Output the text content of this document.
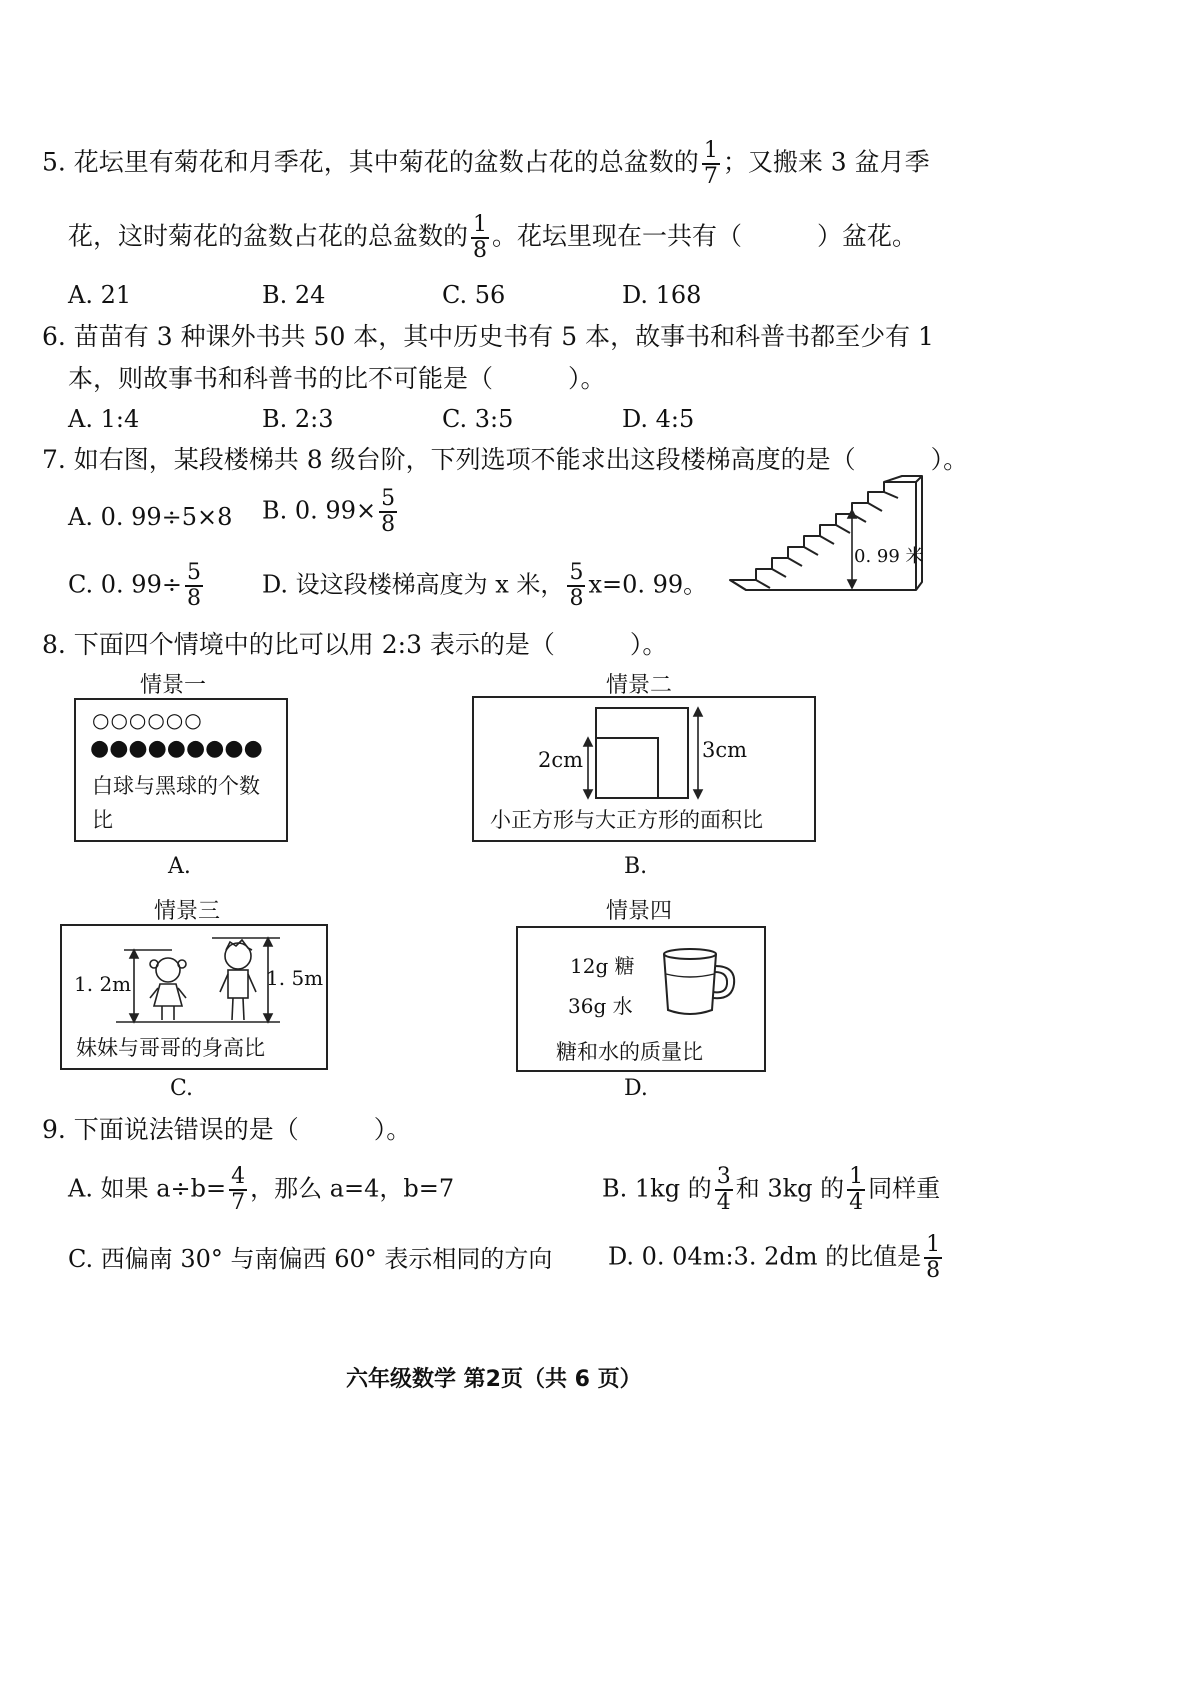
5. 花坛里有菊花和月季花，其中菊花的盆数占花的总盆数的 $\frac{1}{7}$ ；又搬来 3 盆月季
花，这时菊花的盆数占花的总盆数的 $\frac{1}{8}$ 。花坛里现在一共有（　　　）盆花。
A. 21	B. 24	C. 56	D. 168
6. 苗苗有 3 种课外书共 50 本，其中历史书有 5 本，故事书和科普书都至少有 1
本，则故事书和科普书的比不可能是（　　　）。
A. 1:4	B. 2:3	C. 3:5	D. 4:5
7. 如右图，某段楼梯共 8 级台阶，下列选项不能求出这段楼梯高度的是（　　　）。
A. 0. 99÷5×8 B. 0. $99\times \frac{5}{8}$
C. 0. $99\div \frac{5}{8} D$. 设这段楼梯高度为 x 米， $\frac{5}{8} x=0$. 99。
0. 99 米
8. 下面四个情境中的比可以用 2:3 表示的是（　　　）。
情景一
○○○○○○
●●●●●●●●●
白球与黑球的个数
比
A.
情景二
2cm	3cm
小正方形与大正方形的面积比
B.
情景三
1. 2m	1. 5m
妹妹与哥哥的身高比
C.
情景四
12g 糖
36g 水
糖和水的质量比
D.
9. 下面说法错误的是（　　　）。
A. 如果 $a\div b= \frac{4}{7}$ ，那么 a=4，b=7	B. 1kg 的 $\frac{3}{4}$ 和 3kg 的 $\frac{1}{4}$ 同样重
C. 西偏南 30° 与南偏西 60° 表示相同的方向 D. 0. 04m:3. 2dm 的比值是 $\frac{1}{8}$
六年级数学 第2页（共 6 页）
